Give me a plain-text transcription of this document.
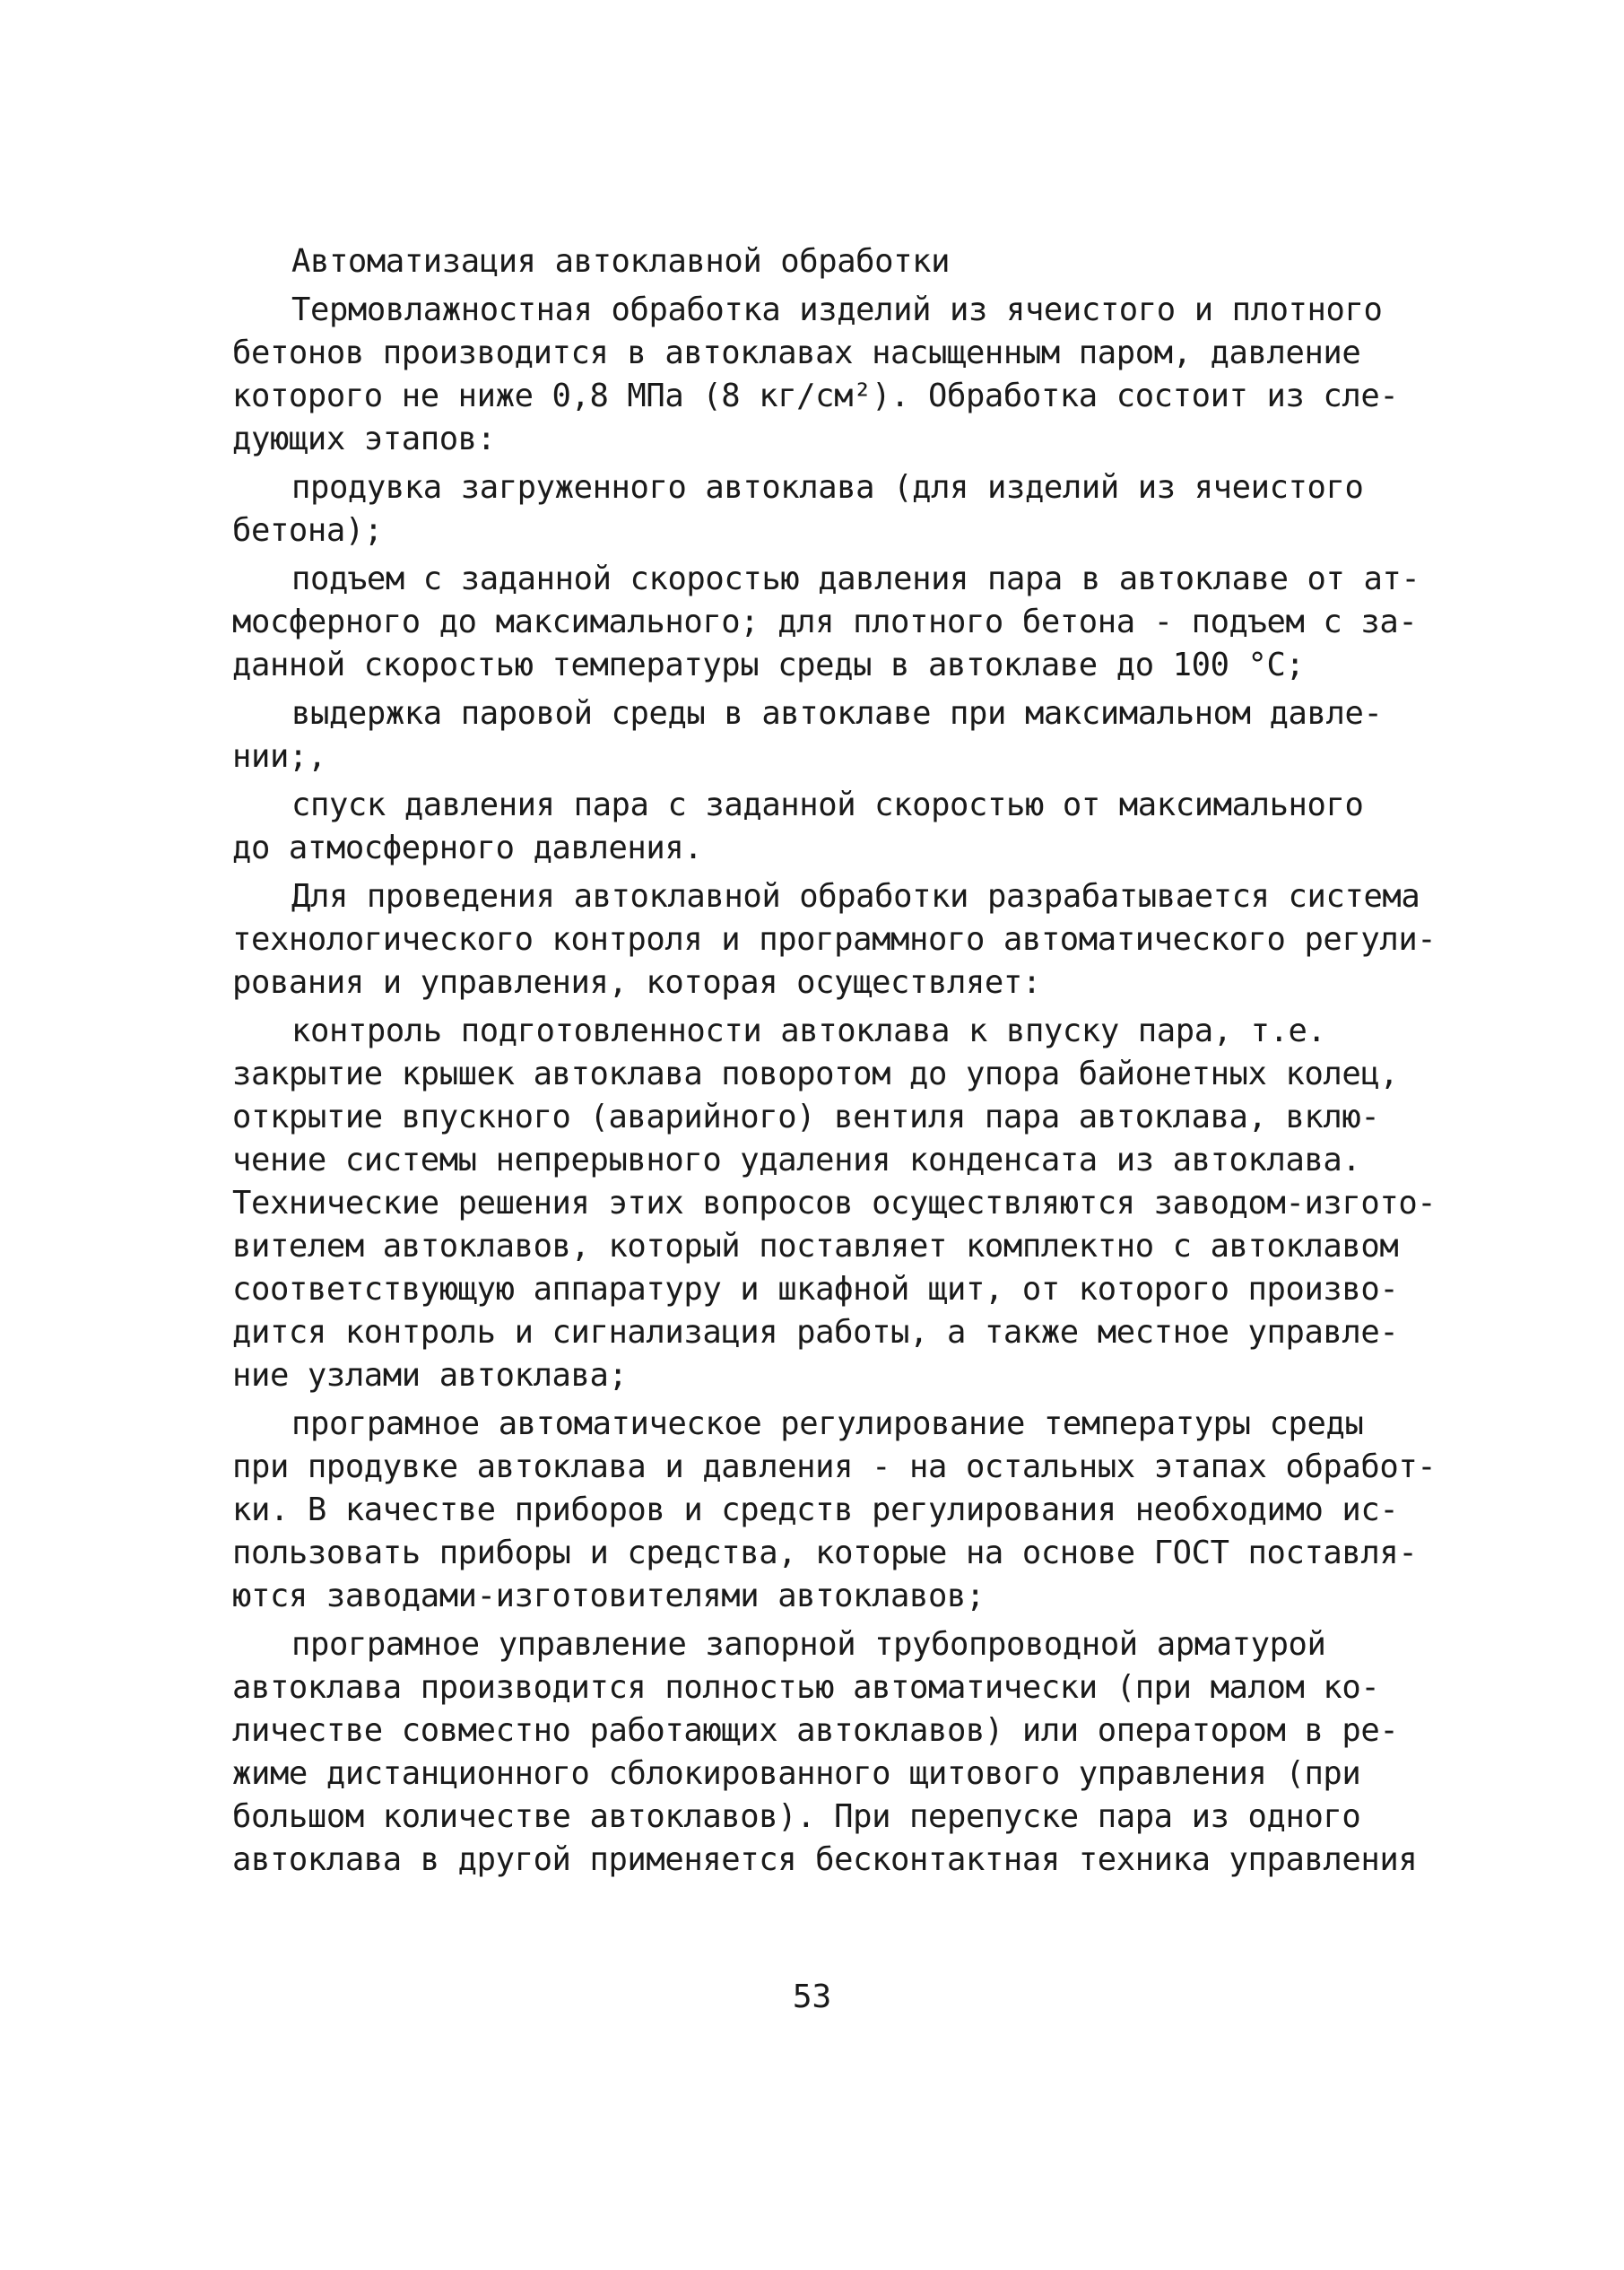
Автоматизация автоклавной обработки
Термовлажностная обработка изделий из ячеистого и плотного
бетонов производится в автоклавах насыщенным паром, давление
которого не ниже 0,8 МПа (8 кг/см²). Обработка состоит из сле-
дующих этапов:
продувка загруженного автоклава (для изделий из ячеистого
бетона);
подъем с заданной скоростью давления пара в автоклаве от ат-
мосферного до максимального; для плотного бетона - подъем с за-
данной скоростью температуры среды в автоклаве до 100 °С;
выдержка паровой среды в автоклаве при максимальном давле-
нии;,
спуск давления пара с заданной скоростью от максимального
до атмосферного давления.
Для проведения автоклавной обработки разрабатывается система
технологического контроля и программного автоматического регули-
рования и управления, которая осуществляет:
контроль подготовленности автоклава к впуску пара, т.е.
закрытие крышек автоклава поворотом до упора байонетных колец,
открытие впускного (аварийного) вентиля пара автоклава, вклю-
чение системы непрерывного удаления конденсата из автоклава.
Технические решения этих вопросов осуществляются заводом-изгото-
вителем автоклавов, который поставляет комплектно с автоклавом
соответствующую аппаратуру и шкафной щит, от которого произво-
дится контроль и сигнализация работы, а также местное управле-
ние узлами автоклава;
програмное автоматическое регулирование температуры среды
при продувке автоклава и давления - на остальных этапах обработ-
ки. В качестве приборов и средств регулирования необходимо ис-
пользовать приборы и средства, которые на основе ГОСТ поставля-
ются заводами-изготовителями автоклавов;
програмное управление запорной трубопроводной арматурой
автоклава производится полностью автоматически (при малом ко-
личестве совместно работающих автоклавов) или оператором в ре-
жиме дистанционного сблокированного щитового управления (при
большом количестве автоклавов). При перепуске пара из одного
автоклава в другой применяется бесконтактная техника управления
53
